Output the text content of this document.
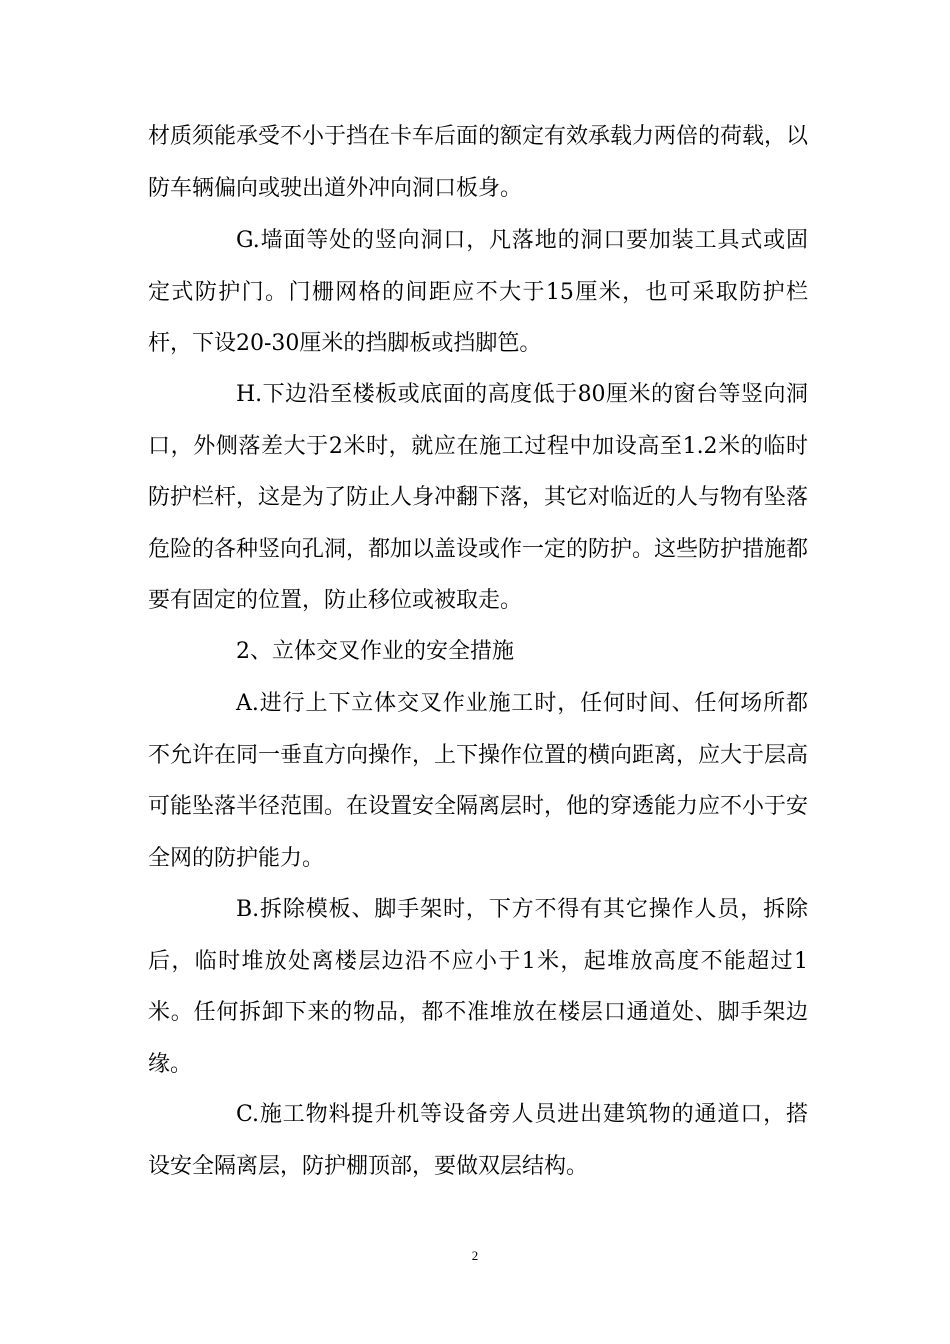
材质须能承受不小于挡在卡车后面的额定有效承载力两倍的荷载，以防车辆偏向或驶出道外冲向洞口板身。

G.墙面等处的竖向洞口，凡落地的洞口要加装工具式或固定式防护门。门栅网格的间距应不大于15厘米，也可采取防护栏杆，下设20-30厘米的挡脚板或挡脚笆。

H.下边沿至楼板或底面的高度低于80厘米的窗台等竖向洞口，外侧落差大于2米时，就应在施工过程中加设高至1.2米的临时防护栏杆，这是为了防止人身冲翻下落，其它对临近的人与物有坠落危险的各种竖向孔洞，都加以盖设或作一定的防护。这些防护措施都要有固定的位置，防止移位或被取走。

2、立体交叉作业的安全措施

A.进行上下立体交叉作业施工时，任何时间、任何场所都不允许在同一垂直方向操作，上下操作位置的横向距离，应大于层高可能坠落半径范围。在设置安全隔离层时，他的穿透能力应不小于安全网的防护能力。

B.拆除模板、脚手架时，下方不得有其它操作人员，拆除后，临时堆放处离楼层边沿不应小于1米，起堆放高度不能超过1米。任何拆卸下来的物品，都不准堆放在楼层口通道处、脚手架边缘。

C.施工物料提升机等设备旁人员进出建筑物的通道口，搭设安全隔离层，防护棚顶部，要做双层结构。

2
